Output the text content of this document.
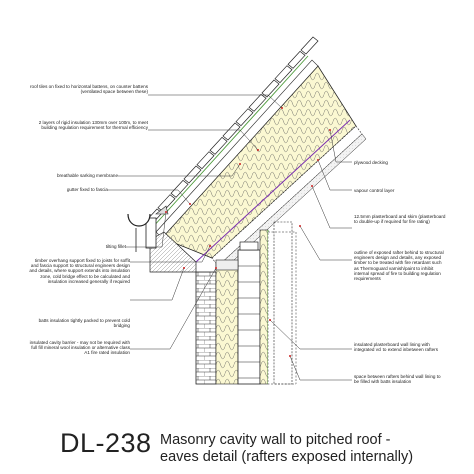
roof tiles on fixed to horizontal battens, on counter battens (ventilated space between these)
2 layers of rigid insulation 130mm over 100m, to meet building regulation requirement for thermal efficiency
breathable sarking membrane
gutter fixed to fascia
tilting fillet
timber overhang support fixed to joists for soffit and fascia support to structural engineers design and details, where support extends into insulation zone, cold bridge effect to be calculated and insulation increased generally if required
batts insulation tightly packed to prevent cold bridging
insulated cavity barrier - may not be required with full fill mineral wool insulation or alternative class A1 fire rated insulation
plywood decking
vapour control layer
12.5mm plasterboard and skim (plasterboard to double-up if required for fire rating)
outline of exposed rafter behind to structural engineers design and details, any exposed timber to be treated with fire retardant such as Thermoguard varnish/paint to inhibit internal spread of fire to building regulation requirements
insulated plasterboard wall lining with integrated vcl to extend inbetween rafters
space between rafters behind wall lining to be filled with batts insulation
DL-238 Masonry cavity wall to pitched roof -
eaves detail (rafters exposed internally)
